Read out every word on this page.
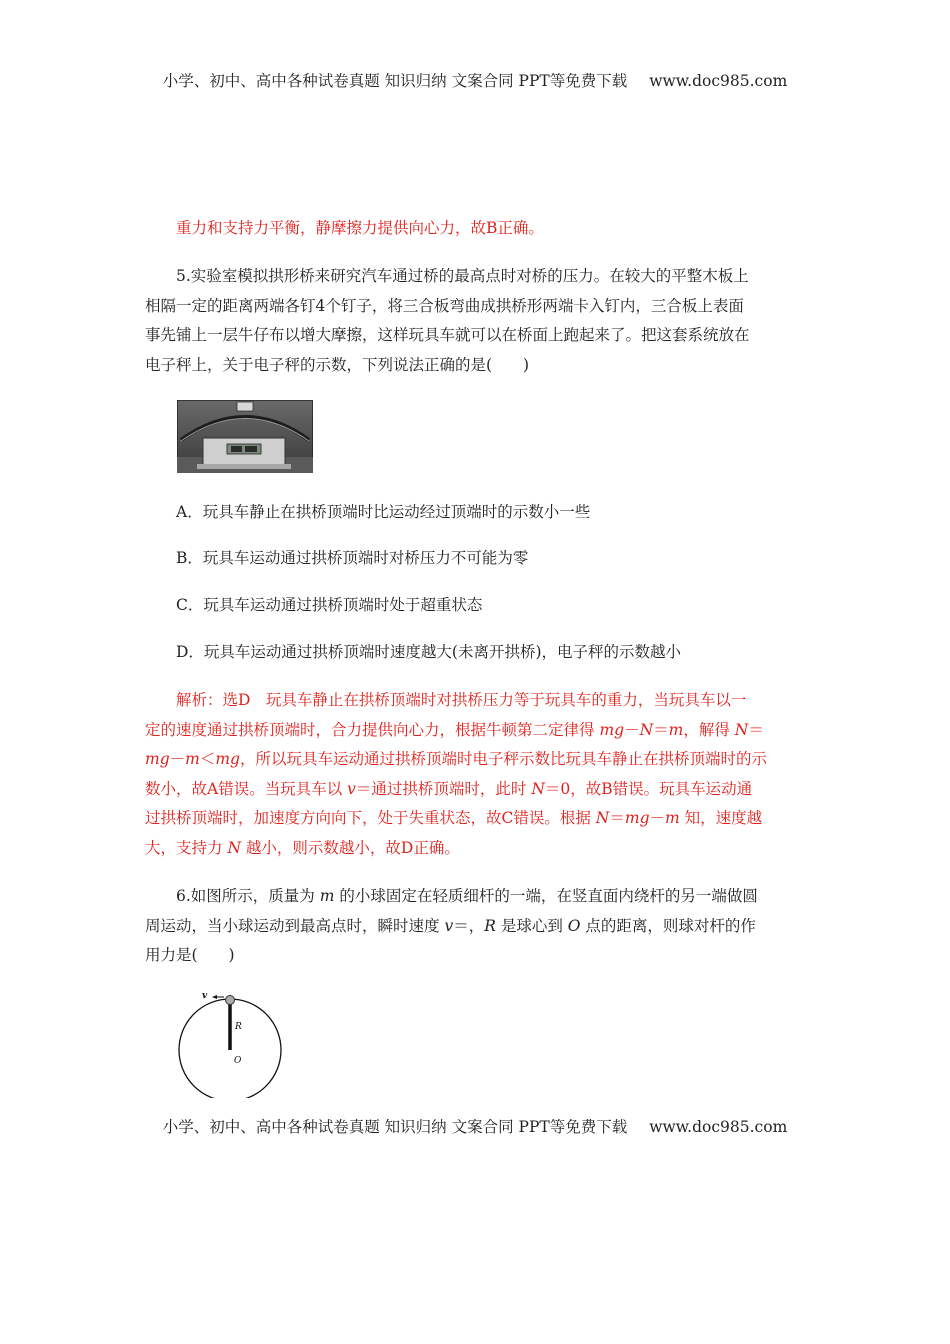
小学、初中、高中各种试卷真题 知识归纳 文案合同 PPT等免费下载 www.doc985.com
重力和支持力平衡，静摩擦力提供向心力，故B正确。
5.实验室模拟拱形桥来研究汽车通过桥的最高点时对桥的压力。在较大的平整木板上
相隔一定的距离两端各钉4个钉子，将三合板弯曲成拱桥形两端卡入钉内，三合板上表面
事先铺上一层牛仔布以增大摩擦，这样玩具车就可以在桥面上跑起来了。把这套系统放在
电子秤上，关于电子秤的示数，下列说法正确的是(　　)
A．玩具车静止在拱桥顶端时比运动经过顶端时的示数小一些
B．玩具车运动通过拱桥顶端时对桥压力不可能为零
C．玩具车运动通过拱桥顶端时处于超重状态
D．玩具车运动通过拱桥顶端时速度越大(未离开拱桥)，电子秤的示数越小
解析：选D　玩具车静止在拱桥顶端时对拱桥压力等于玩具车的重力，当玩具车以一
定的速度通过拱桥顶端时，合力提供向心力，根据牛顿第二定律得 mg－N＝m，解得 N＝
mg－m＜mg，所以玩具车运动通过拱桥顶端时电子秤示数比玩具车静止在拱桥顶端时的示
数小，故A错误。当玩具车以 v＝通过拱桥顶端时，此时 N＝0，故B错误。玩具车运动通
过拱桥顶端时，加速度方向向下，处于失重状态，故C错误。根据 N＝mg－m 知，速度越
大，支持力 N 越小，则示数越小，故D正确。
6.如图所示，质量为 m 的小球固定在轻质细杆的一端，在竖直面内绕杆的另一端做圆
周运动，当小球运动到最高点时，瞬时速度 v＝，R 是球心到 O 点的距离，则球对杆的作
用力是(　　)
v
R
O
小学、初中、高中各种试卷真题 知识归纳 文案合同 PPT等免费下载 www.doc985.com
